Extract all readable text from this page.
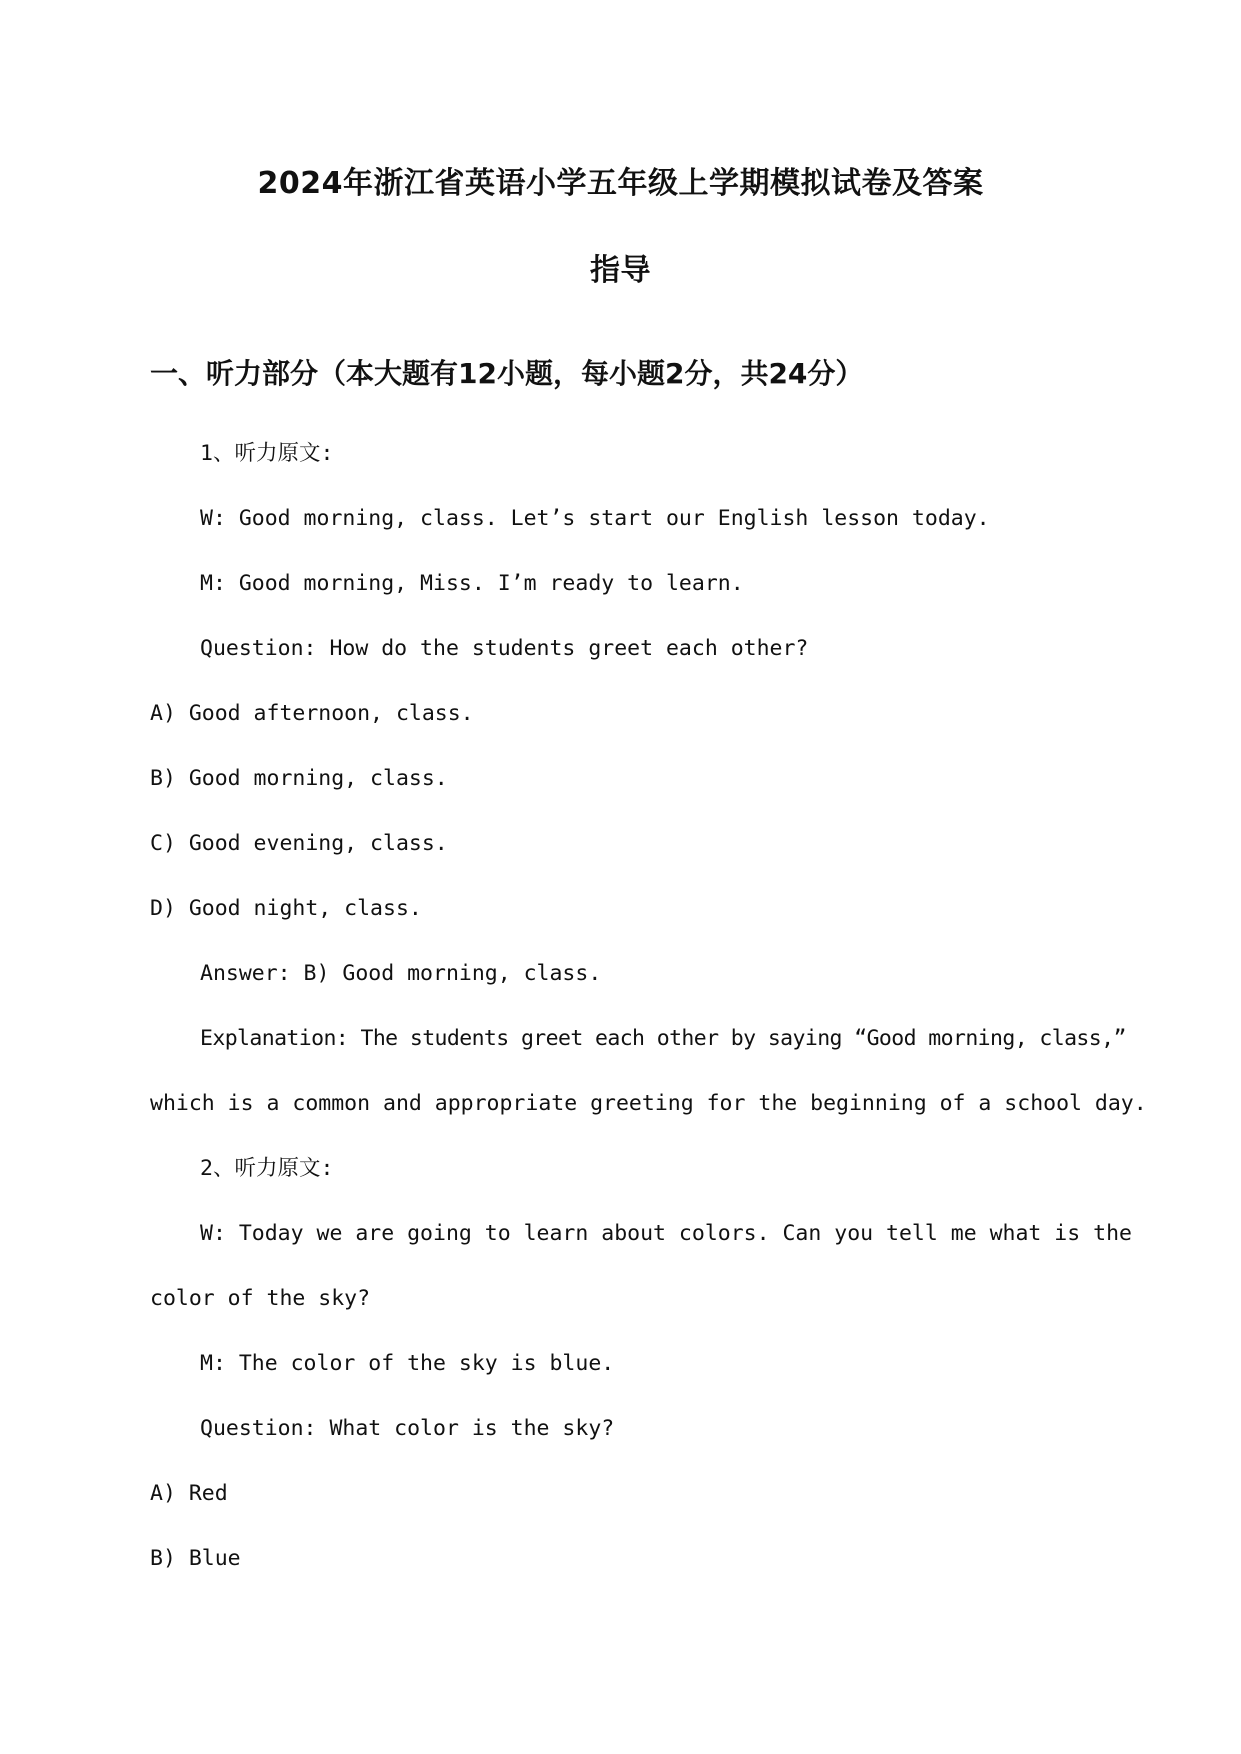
2024年浙江省英语小学五年级上学期模拟试卷及答案
指导
一、听力部分（本大题有12小题，每小题2分，共24分）
1、听力原文:
W: Good morning, class. Let’s start our English lesson today.
M: Good morning, Miss. I’m ready to learn.
Question: How do the students greet each other?
A) Good afternoon, class.
B) Good morning, class.
C) Good evening, class.
D) Good night, class.
Answer: B) Good morning, class.
Explanation: The students greet each other by saying “Good morning, class,”
which is a common and appropriate greeting for the beginning of a school day.
2、听力原文:
W: Today we are going to learn about colors. Can you tell me what is the
color of the sky?
M: The color of the sky is blue.
Question: What color is the sky?
A) Red
B) Blue
